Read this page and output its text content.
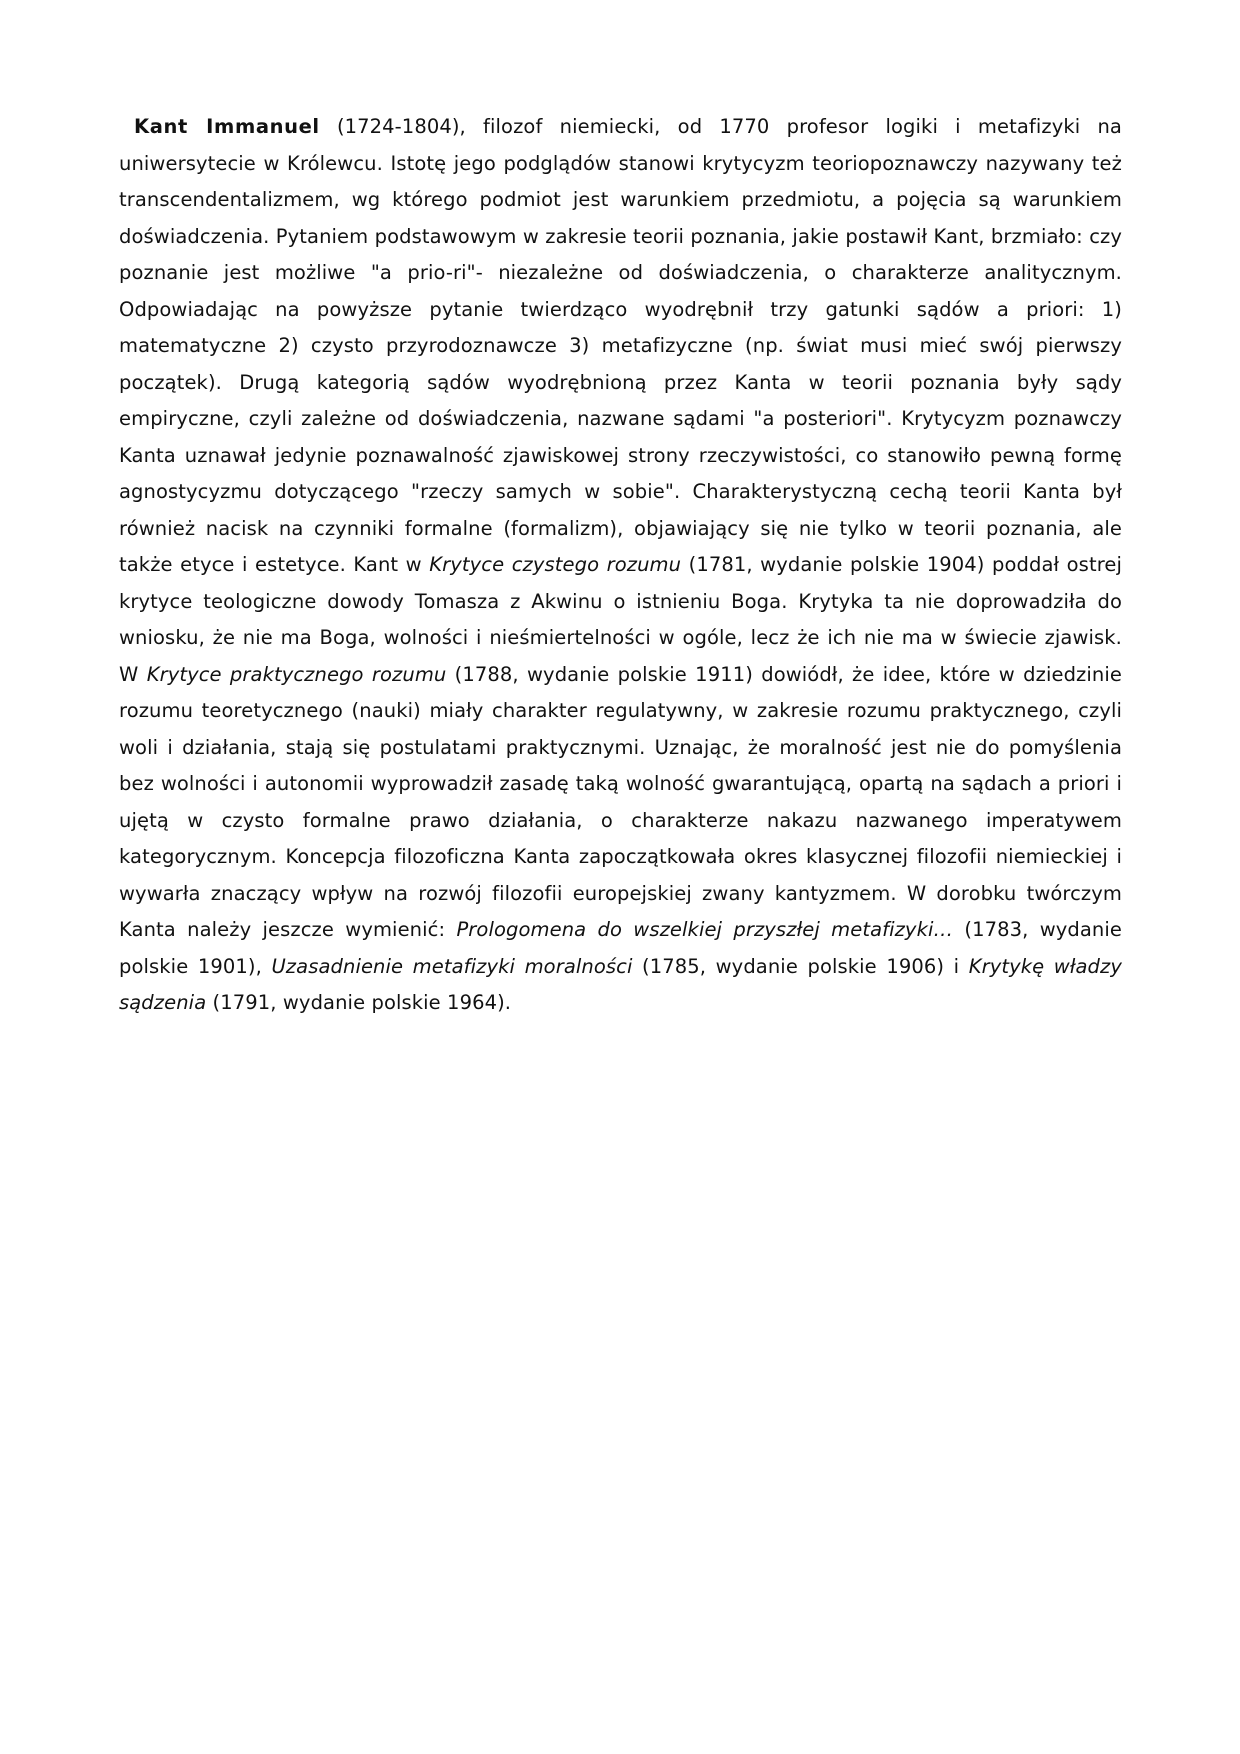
Kant Immanuel (1724-1804), filozof niemiecki, od 1770 profesor logiki i metafizyki na uniwersytecie w Królewcu. Istotę jego podglądów stanowi krytycyzm teoriopoznawczy nazywany też transcendentalizmem, wg którego podmiot jest warunkiem przedmiotu, a pojęcia są warunkiem doświadczenia. Pytaniem podstawowym w zakresie teorii poznania, jakie postawił Kant, brzmiało: czy poznanie jest możliwe "a prio-ri"- niezależne od doświadczenia, o charakterze analitycznym. Odpowiadając na powyższe pytanie twierdząco wyodrębnił trzy gatunki sądów a priori: 1) matematyczne 2) czysto przyrodoznawcze 3) metafizyczne (np. świat musi mieć swój pierwszy początek). Drugą kategorią sądów wyodrębnioną przez Kanta w teorii poznania były sądy empiryczne, czyli zależne od doświadczenia, nazwane sądami "a posteriori". Krytycyzm poznawczy Kanta uznawał jedynie poznawalność zjawiskowej strony rzeczywistości, co stanowiło pewną formę agnostycyzmu dotyczącego "rzeczy samych w sobie". Charakterystyczną cechą teorii Kanta był również nacisk na czynniki formalne (formalizm), objawiający się nie tylko w teorii poznania, ale także etyce i estetyce. Kant w Krytyce czystego rozumu (1781, wydanie polskie 1904) poddał ostrej krytyce teologiczne dowody Tomasza z Akwinu o istnieniu Boga. Krytyka ta nie doprowadziła do wniosku, że nie ma Boga, wolności i nieśmiertelności w ogóle, lecz że ich nie ma w świecie zjawisk. W Krytyce praktycznego rozumu (1788, wydanie polskie 1911) dowiódł, że idee, które w dziedzinie rozumu teoretycznego (nauki) miały charakter regulatywny, w zakresie rozumu praktycznego, czyli woli i działania, stają się postulatami praktycznymi. Uznając, że moralność jest nie do pomyślenia bez wolności i autonomii wyprowadził zasadę taką wolność gwarantującą, opartą na sądach a priori i ujętą w czysto formalne prawo działania, o charakterze nakazu nazwanego imperatywem kategorycznym. Koncepcja filozoficzna Kanta zapoczątkowała okres klasycznej filozofii niemieckiej i wywarła znaczący wpływ na rozwój filozofii europejskiej zwany kantyzmem. W dorobku twórczym Kanta należy jeszcze wymienić: Prologomena do wszelkiej przyszłej metafizyki… (1783, wydanie polskie 1901), Uzasadnienie metafizyki moralności (1785, wydanie polskie 1906) i Krytykę władzy sądzenia (1791, wydanie polskie 1964).
